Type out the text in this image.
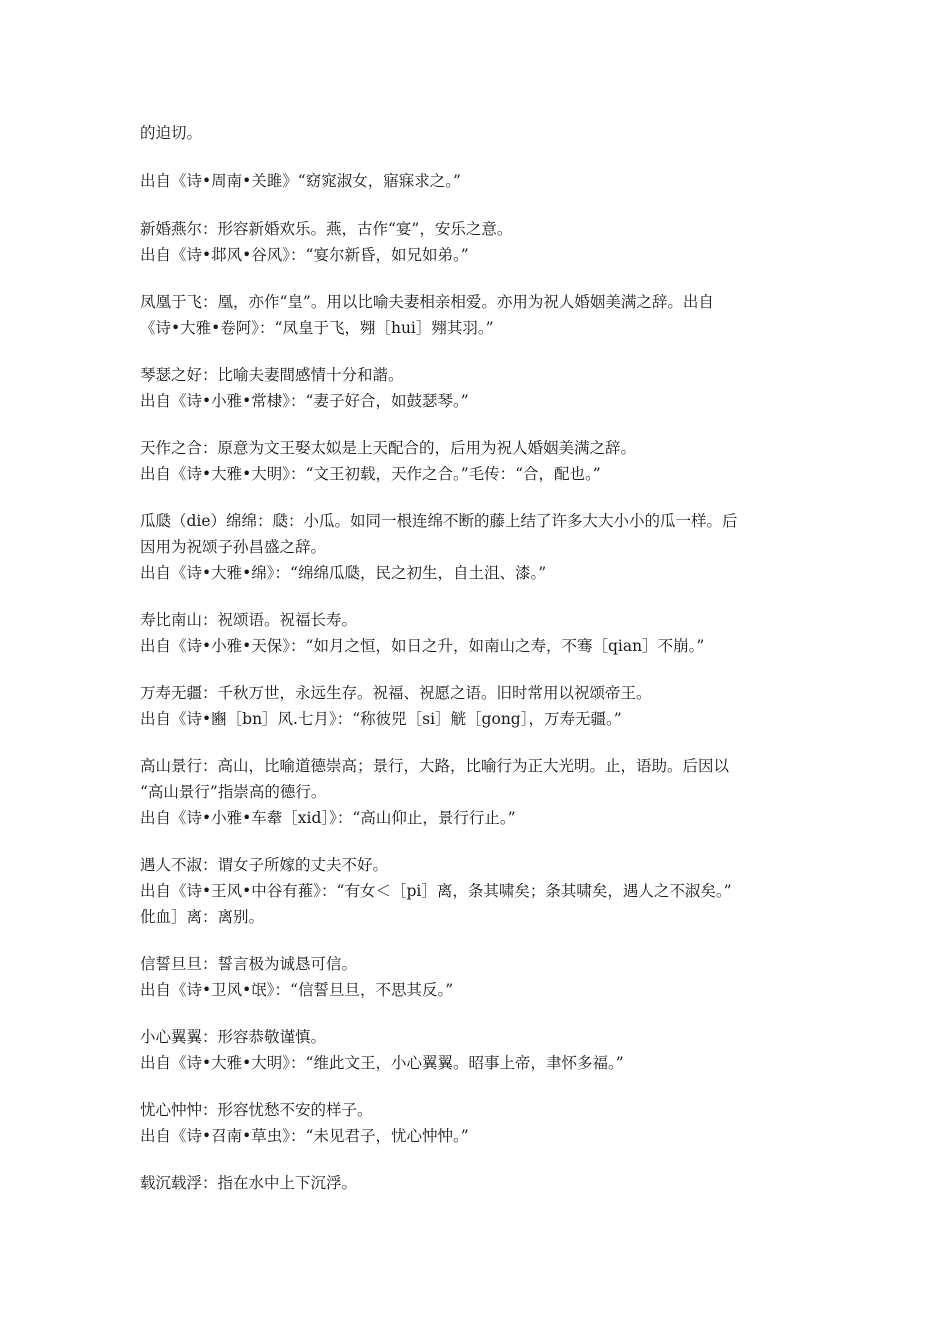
的迫切。
出自《诗•周南•关雎》“窈窕淑女，寤寐求之。”
新婚燕尔：形容新婚欢乐。燕，古作“宴”，安乐之意。
出自《诗•邶风•谷风》：“宴尔新昏，如兄如弟。”
凤凰于飞：凰，亦作“皇”。用以比喻夫妻相亲相爱。亦用为祝人婚姻美满之辞。出自
《诗•大雅•卷阿》：“凤皇于飞，翙［hui］翙其羽。”
琴瑟之好：比喻夫妻間感情十分和諧。
出自《诗•小雅•常棣》：“妻子好合，如鼓瑟琴。”
天作之合：原意为文王娶太姒是上天配合的，后用为祝人婚姻美满之辞。
出自《诗•大雅•大明》：“文王初载，天作之合。”毛传：“合，配也。”
瓜瓞（die）绵绵：瓞：小瓜。如同一根连绵不断的藤上结了许多大大小小的瓜一样。后
因用为祝颂子孙昌盛之辞。
出自《诗•大雅•绵》：“绵绵瓜瓞，民之初生，自土沮、漆。”
寿比南山：祝颂语。祝福长寿。
出自《诗•小雅•天保》：“如月之恒，如日之升，如南山之寿，不骞［qian］不崩。”
万寿无疆：千秋万世，永远生存。祝福、祝愿之语。旧时常用以祝颂帝王。
出自《诗•豳［bn］风.七月》：“称彼兕［si］觥［gong］，万寿无疆。”
高山景行：高山，比喻道德崇高；景行，大路，比喻行为正大光明。止，语助。后因以
“高山景行”指崇高的德行。
出自《诗•小雅•车舝［xid］》：“高山仰止，景行行止。”
遇人不淑：谓女子所嫁的丈夫不好。
出自《诗•王风•中谷有蓷》：“有女＜［pi］离，条其啸矣；条其啸矣，遇人之不淑矣。”
仳血］离：离别。
信誓旦旦：誓言极为诚恳可信。
出自《诗•卫风•氓》：“信誓旦旦，不思其反。”
小心翼翼：形容恭敬谨慎。
出自《诗•大雅•大明》：“维此文王，小心翼翼。昭事上帝，聿怀多福。”
忧心忡忡：形容忧愁不安的样子。
出自《诗•召南•草虫》：“未见君子，忧心忡忡。”
载沉载浮：指在水中上下沉浮。
